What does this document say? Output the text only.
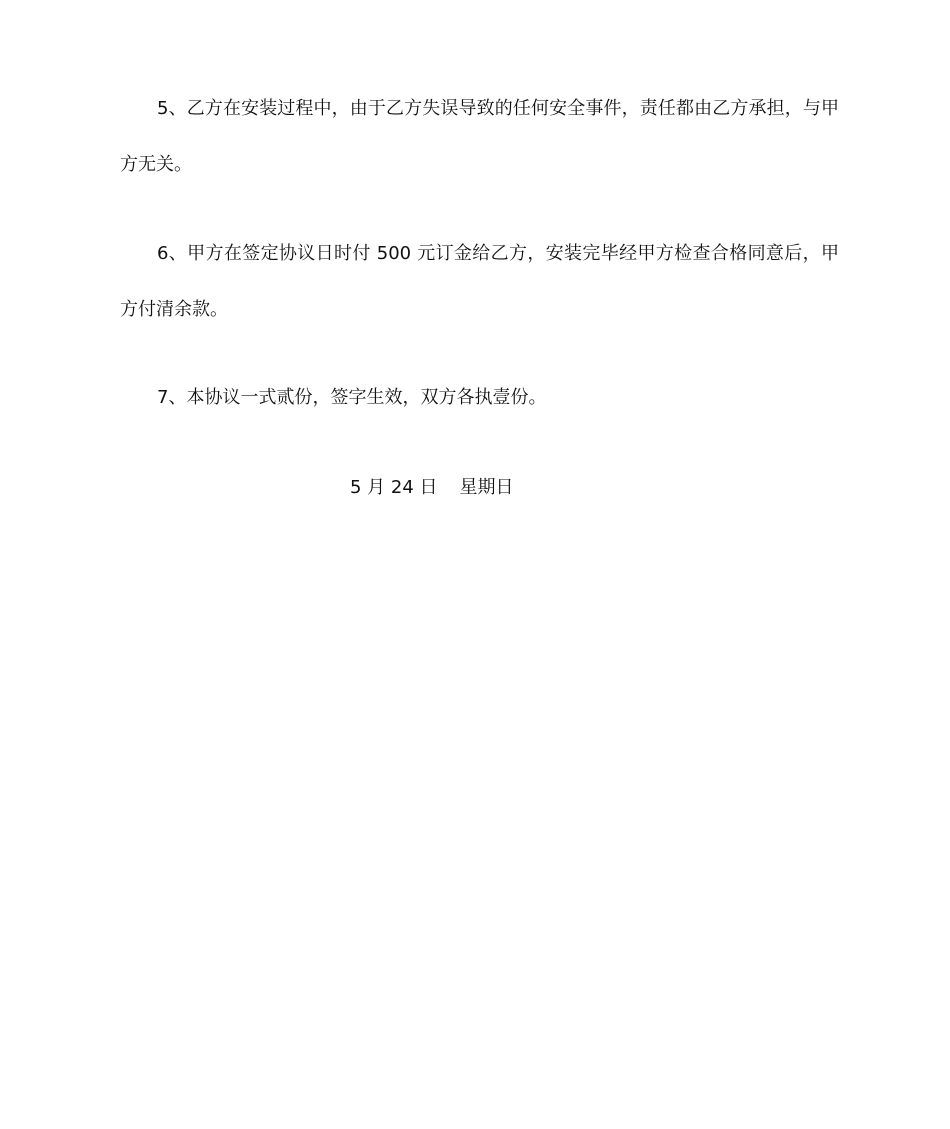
5、乙方在安装过程中，由于乙方失误导致的任何安全事件，责任都由乙方承担，与甲
方无关。
6、甲方在签定协议日时付 500 元订金给乙方，安装完毕经甲方检查合格同意后，甲
方付清余款。
7、本协议一式贰份，签字生效，双方各执壹份。
5 月 24 日 星期日
